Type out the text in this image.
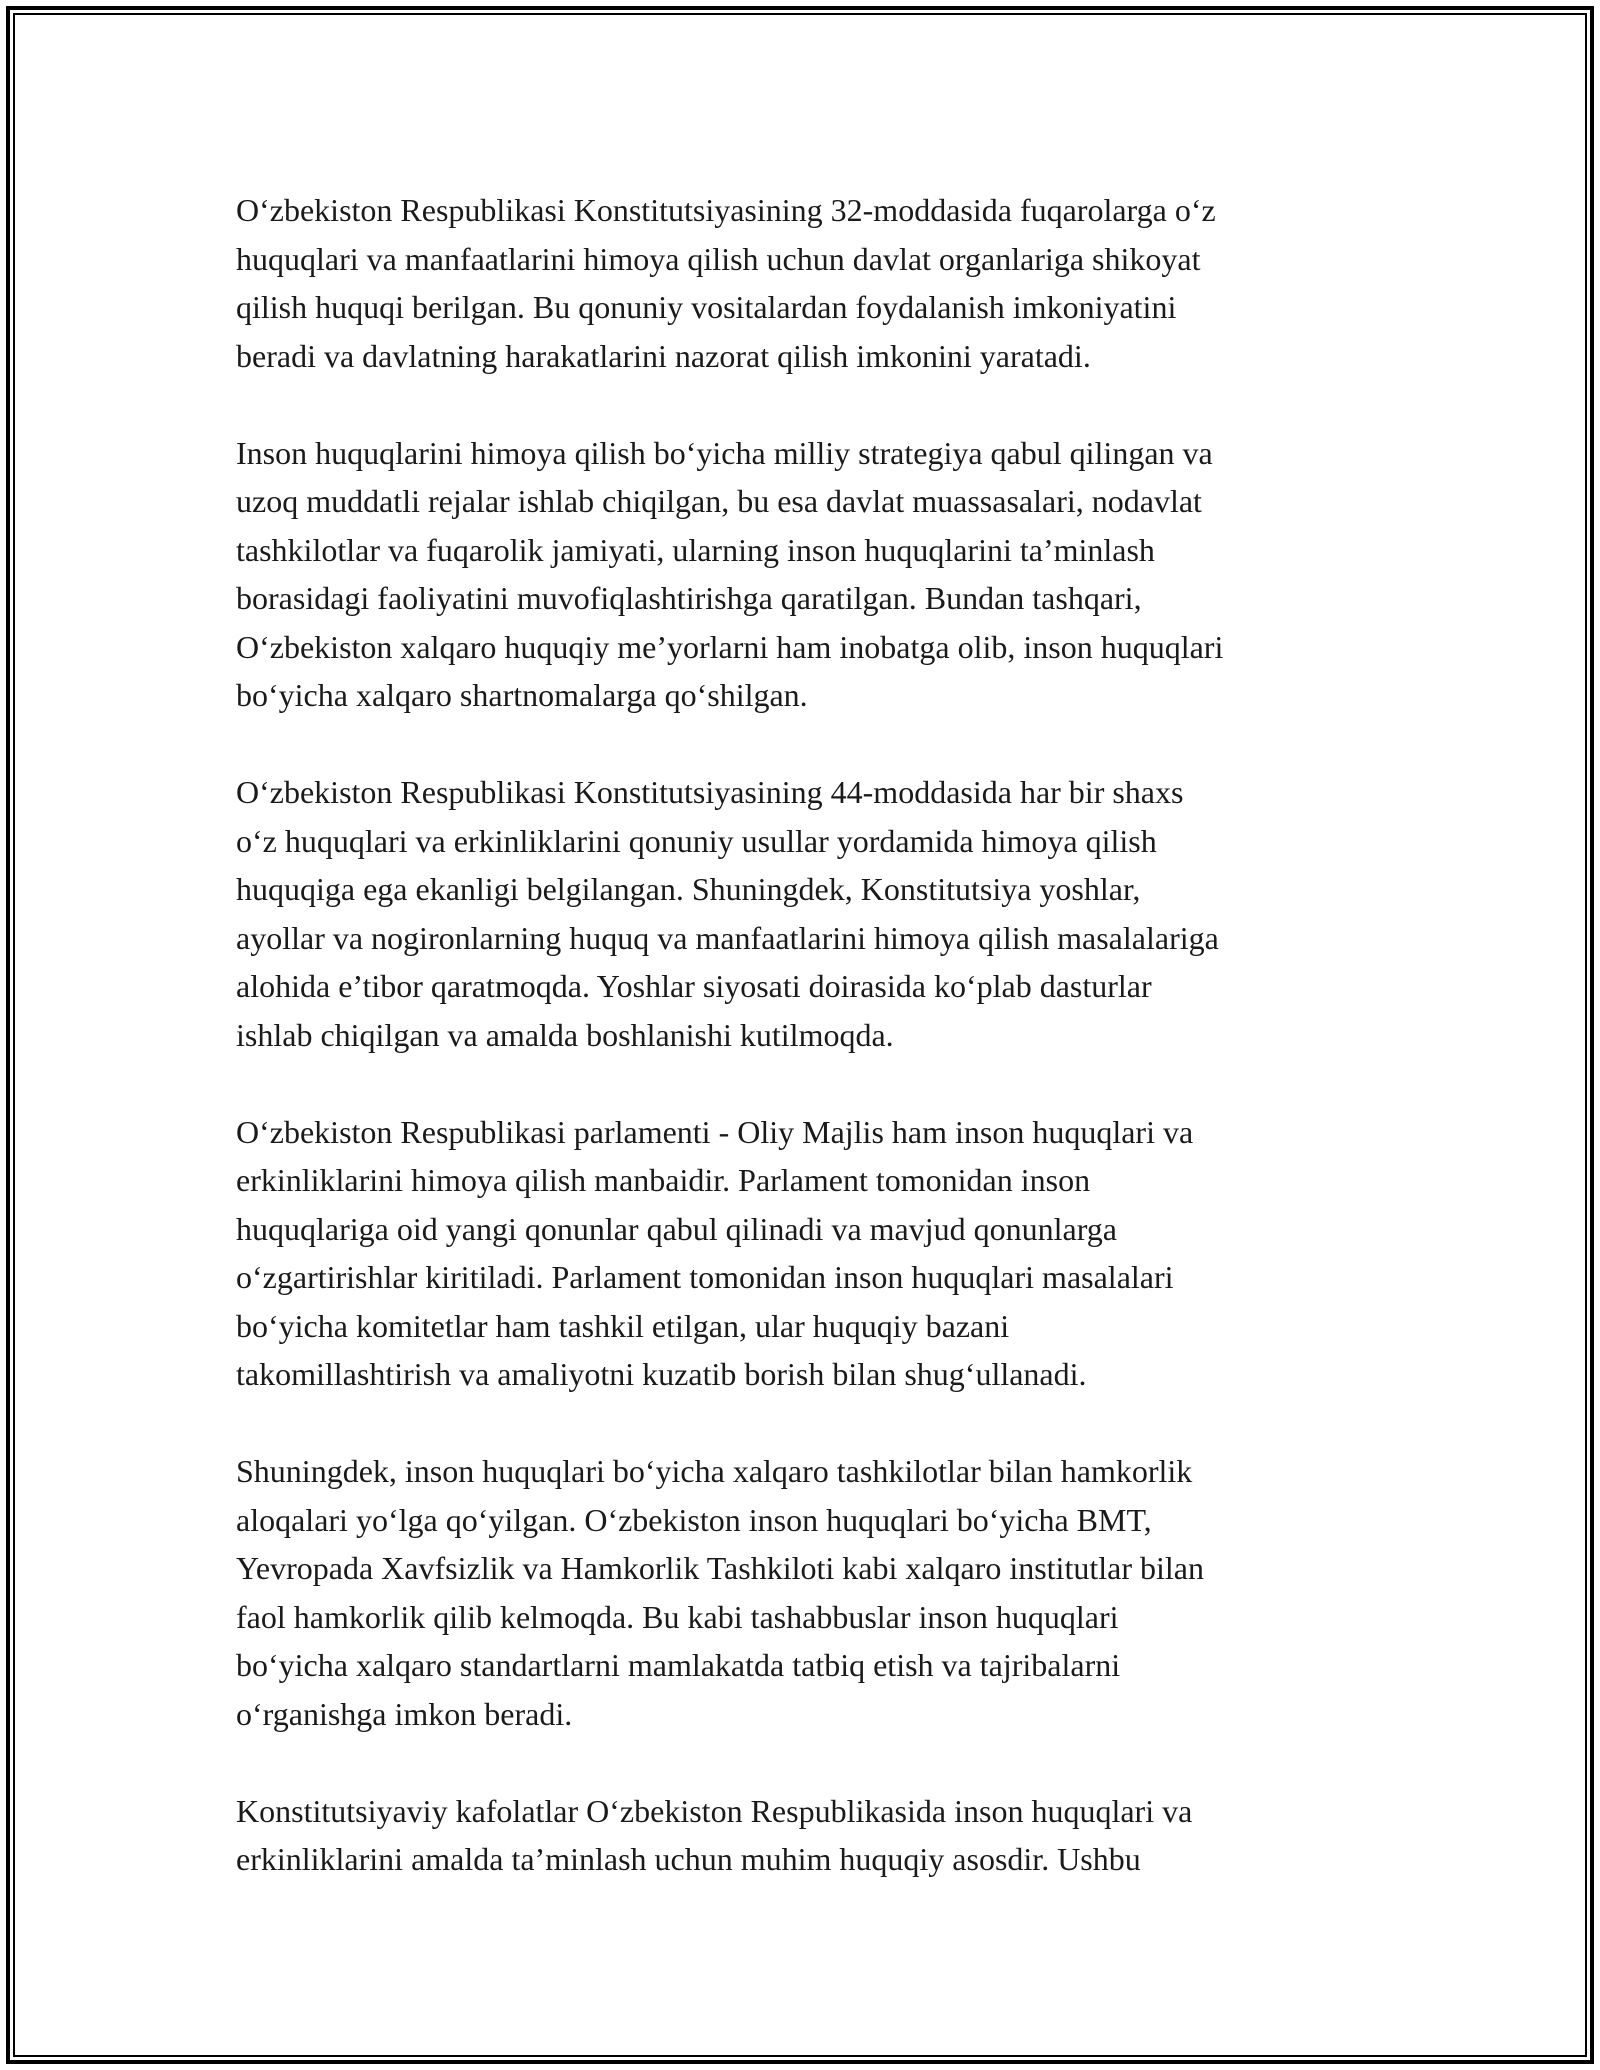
O‘zbekiston Respublikasi Konstitutsiyasining 32-moddasida fuqarolarga o‘z
huquqlari va manfaatlarini himoya qilish uchun davlat organlariga shikoyat
qilish huquqi berilgan. Bu qonuniy vositalardan foydalanish imkoniyatini
beradi va davlatning harakatlarini nazorat qilish imkonini yaratadi.

Inson huquqlarini himoya qilish bo‘yicha milliy strategiya qabul qilingan va
uzoq muddatli rejalar ishlab chiqilgan, bu esa davlat muassasalari, nodavlat
tashkilotlar va fuqarolik jamiyati, ularning inson huquqlarini ta’minlash
borasidagi faoliyatini muvofiqlashtirishga qaratilgan. Bundan tashqari,
O‘zbekiston xalqaro huquqiy me’yorlarni ham inobatga olib, inson huquqlari
bo‘yicha xalqaro shartnomalarga qo‘shilgan.

O‘zbekiston Respublikasi Konstitutsiyasining 44-moddasida har bir shaxs
o‘z huquqlari va erkinliklarini qonuniy usullar yordamida himoya qilish
huquqiga ega ekanligi belgilangan. Shuningdek, Konstitutsiya yoshlar,
ayollar va nogironlarning huquq va manfaatlarini himoya qilish masalalariga
alohida e’tibor qaratmoqda. Yoshlar siyosati doirasida ko‘plab dasturlar
ishlab chiqilgan va amalda boshlanishi kutilmoqda.

O‘zbekiston Respublikasi parlamenti - Oliy Majlis ham inson huquqlari va
erkinliklarini himoya qilish manbaidir. Parlament tomonidan inson
huquqlariga oid yangi qonunlar qabul qilinadi va mavjud qonunlarga
o‘zgartirishlar kiritiladi. Parlament tomonidan inson huquqlari masalalari
bo‘yicha komitetlar ham tashkil etilgan, ular huquqiy bazani
takomillashtirish va amaliyotni kuzatib borish bilan shug‘ullanadi.

Shuningdek, inson huquqlari bo‘yicha xalqaro tashkilotlar bilan hamkorlik
aloqalari yo‘lga qo‘yilgan. O‘zbekiston inson huquqlari bo‘yicha BMT,
Yevropada Xavfsizlik va Hamkorlik Tashkiloti kabi xalqaro institutlar bilan
faol hamkorlik qilib kelmoqda. Bu kabi tashabbuslar inson huquqlari
bo‘yicha xalqaro standartlarni mamlakatda tatbiq etish va tajribalarni
o‘rganishga imkon beradi.

Konstitutsiyaviy kafolatlar O‘zbekiston Respublikasida inson huquqlari va
erkinliklarini amalda ta’minlash uchun muhim huquqiy asosdir. Ushbu
